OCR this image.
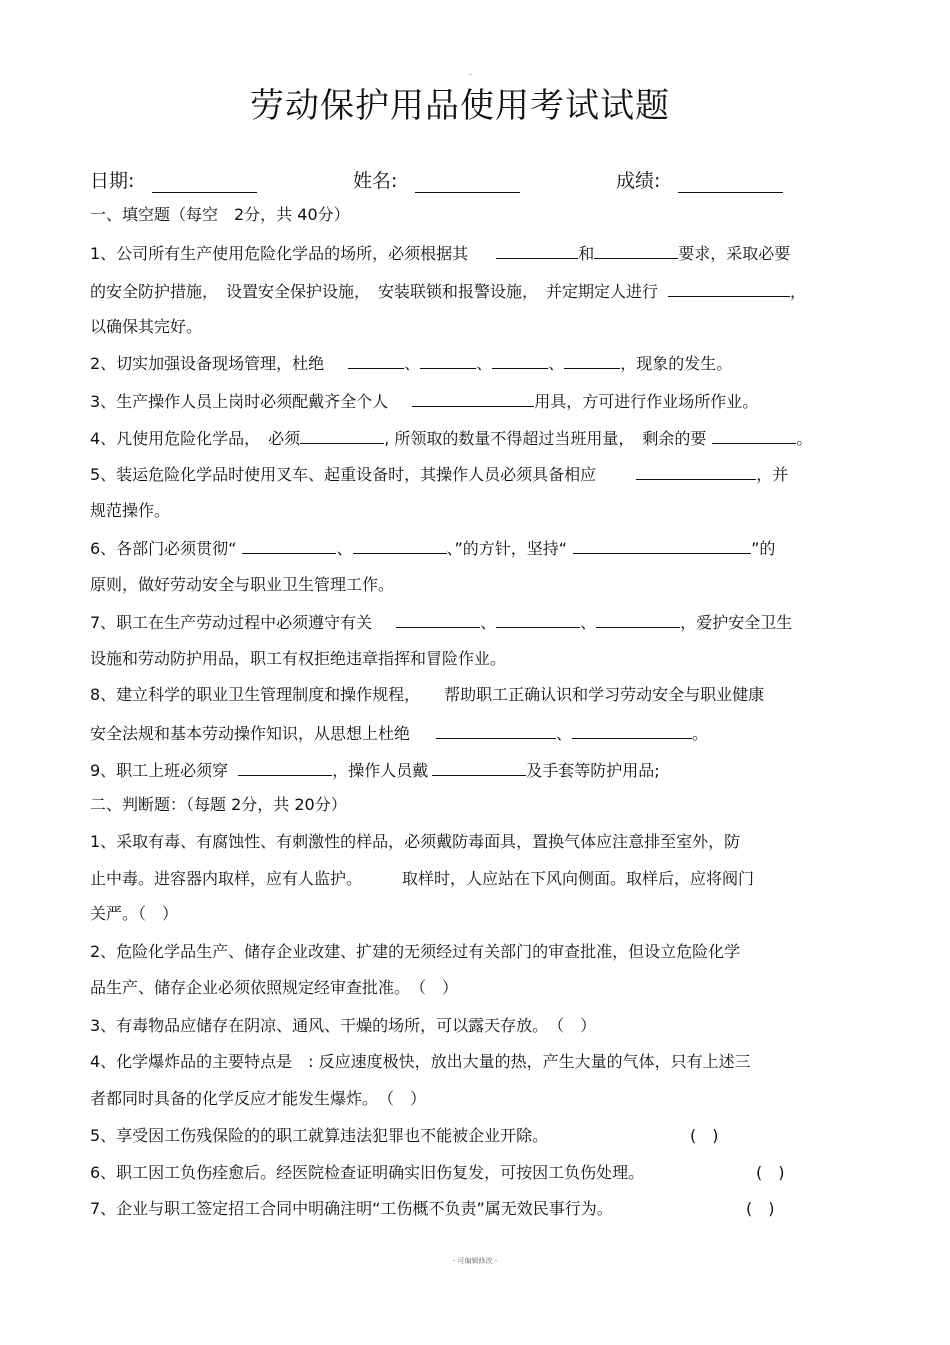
-
劳动保护用品使用考试试题
日期:	姓名:	成绩:
一、填空题（每空　2分，共 40分）
1、公司所有生产使用危险化学品的场所，必须根据其	和	要求，采取必要
的安全防护措施，　设置安全保护设施，　安装联锁和报警设施，　并定期定人进行	，
以确保其完好。
2、切实加强设备现场管理，杜绝	、	、	、	，现象的发生。
3、生产操作人员上岗时必须配戴齐全个人	用具，方可进行作业场所作业。
4、凡使用危险化学品，　必须	, 所领取的数量不得超过当班用量，　剩余的要	。
5、装运危险化学品时使用叉车、起重设备时，其操作人员必须具备相应	，并
规范操作。
6、各部门必须贯彻“	、	、”的方针，坚持“	”的
原则，做好劳动安全与职业卫生管理工作。
7、职工在生产劳动过程中必须遵守有关	、	、	，爱护安全卫生
设施和劳动防护用品，职工有权拒绝违章指挥和冒险作业。
8、建立科学的职业卫生管理制度和操作规程，　　帮助职工正确认识和学习劳动安全与职业健康
安全法规和基本劳动操作知识，从思想上杜绝	、	。
9、职工上班必须穿	，操作人员戴	及手套等防护用品;
二、判断题：（每题 2分，共 20分）
1、采取有毒、有腐蚀性、有刺激性的样品，必须戴防毒面具，置换气体应注意排至室外，防
止中毒。进容器内取样，应有人监护。　　　取样时，人应站在下风向侧面。取样后，应将阀门
关严。（　）
2、危险化学品生产、储存企业改建、扩建的无须经过有关部门的审查批准，但设立危险化学
品生产、储存企业必须依照规定经审查批准。　（　）
3、有毒物品应储存在阴凉、通风、干燥的场所，可以露天存放。　（　）
4、化学爆炸品的主要特点是　: 反应速度极快，放出大量的热，产生大量的气体，只有上述三
者都同时具备的化学反应才能发生爆炸。　（　）
5、享受因工伤残保险的的职工就算违法犯罪也不能被企业开除。	(　)
6、职工因工负伤痊愈后。经医院检查证明确实旧伤复发，可按因工负伤处理。	(　)
7、企业与职工签定招工合同中明确注明“工伤概不负责”属无效民事行为。	(　)
- 可编辑修改 -
